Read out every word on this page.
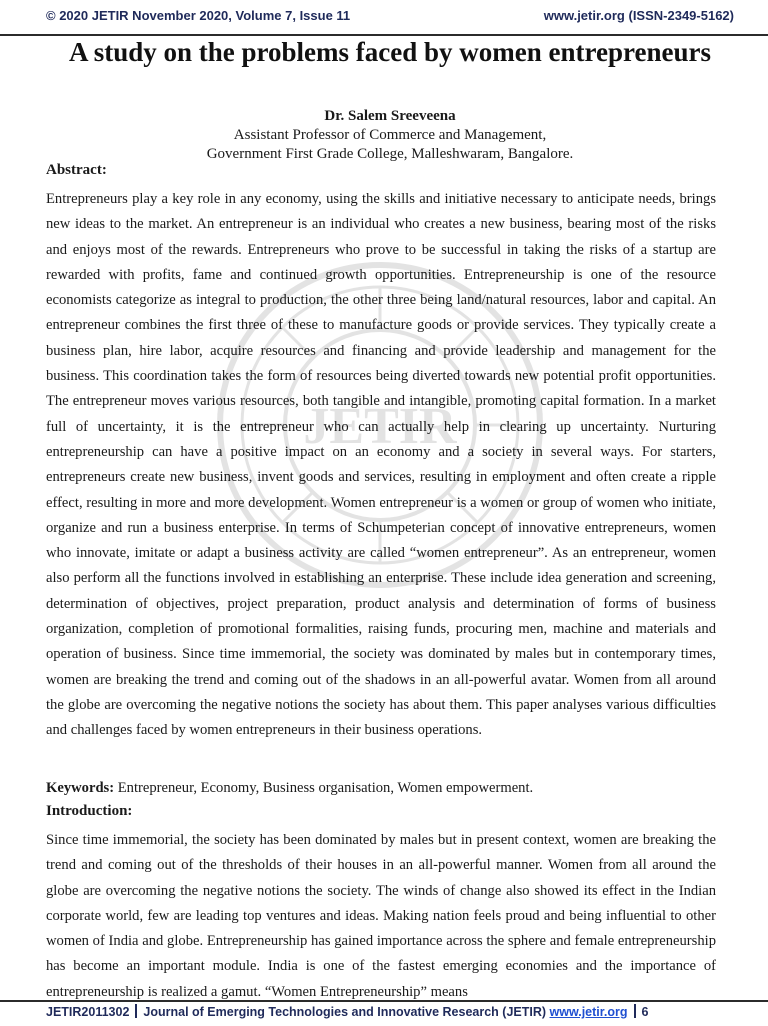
© 2020 JETIR November 2020, Volume 7, Issue 11	www.jetir.org (ISSN-2349-5162)
JETIR
A study on the problems faced by women entrepreneurs
Dr. Salem Sreeveena
Assistant Professor of Commerce and Management,
Government First Grade College, Malleshwaram, Bangalore.
Abstract:
Entrepreneurs play a key role in any economy, using the skills and initiative necessary to anticipate needs, brings new ideas to the market. An entrepreneur is an individual who creates a new business, bearing most of the risks and enjoys most of the rewards. Entrepreneurs who prove to be successful in taking the risks of a startup are rewarded with profits, fame and continued growth opportunities. Entrepreneurship is one of the resource economists categorize as integral to production, the other three being land/natural resources, labor and capital. An entrepreneur combines the first three of these to manufacture goods or provide services. They typically create a business plan, hire labor, acquire resources and financing and provide leadership and management for the business. This coordination takes the form of resources being diverted towards new potential profit opportunities. The entrepreneur moves various resources, both tangible and intangible, promoting capital formation. In a market full of uncertainty, it is the entrepreneur who can actually help in clearing up uncertainty. Nurturing entrepreneurship can have a positive impact on an economy and a society in several ways. For starters, entrepreneurs create new business, invent goods and services, resulting in employment and often create a ripple effect, resulting in more and more development. Women entrepreneur is a women or group of women who initiate, organize and run a business enterprise. In terms of Schumpeterian concept of innovative entrepreneurs, women who innovate, imitate or adapt a business activity are called “women entrepreneur”. As an entrepreneur, women also perform all the functions involved in establishing an enterprise. These include idea generation and screening, determination of objectives, project preparation, product analysis and determination of forms of business organization, completion of promotional formalities, raising funds, procuring men, machine and materials and operation of business. Since time immemorial, the society was dominated by males but in contemporary times, women are breaking the trend and coming out of the shadows in an all-powerful avatar. Women from all around the globe are overcoming the negative notions the society has about them. This paper analyses various difficulties and challenges faced by women entrepreneurs in their business operations.
Keywords: Entrepreneur, Economy, Business organisation, Women empowerment.
Introduction:
Since time immemorial, the society has been dominated by males but in present context, women are breaking the trend and coming out of the thresholds of their houses in an all-powerful manner. Women from all around the globe are overcoming the negative notions the society. The winds of change also showed its effect in the Indian corporate world, few are leading top ventures and ideas. Making nation feels proud and being influential to other women of India and globe. Entrepreneurship has gained importance across the sphere and female entrepreneurship has become an important module. India is one of the fastest emerging economies and the importance of entrepreneurship is realized a gamut. “Women Entrepreneurship” means
JETIR2011302 Journal of Emerging Technologies and Innovative Research (JETIR) www.jetir.org 6
